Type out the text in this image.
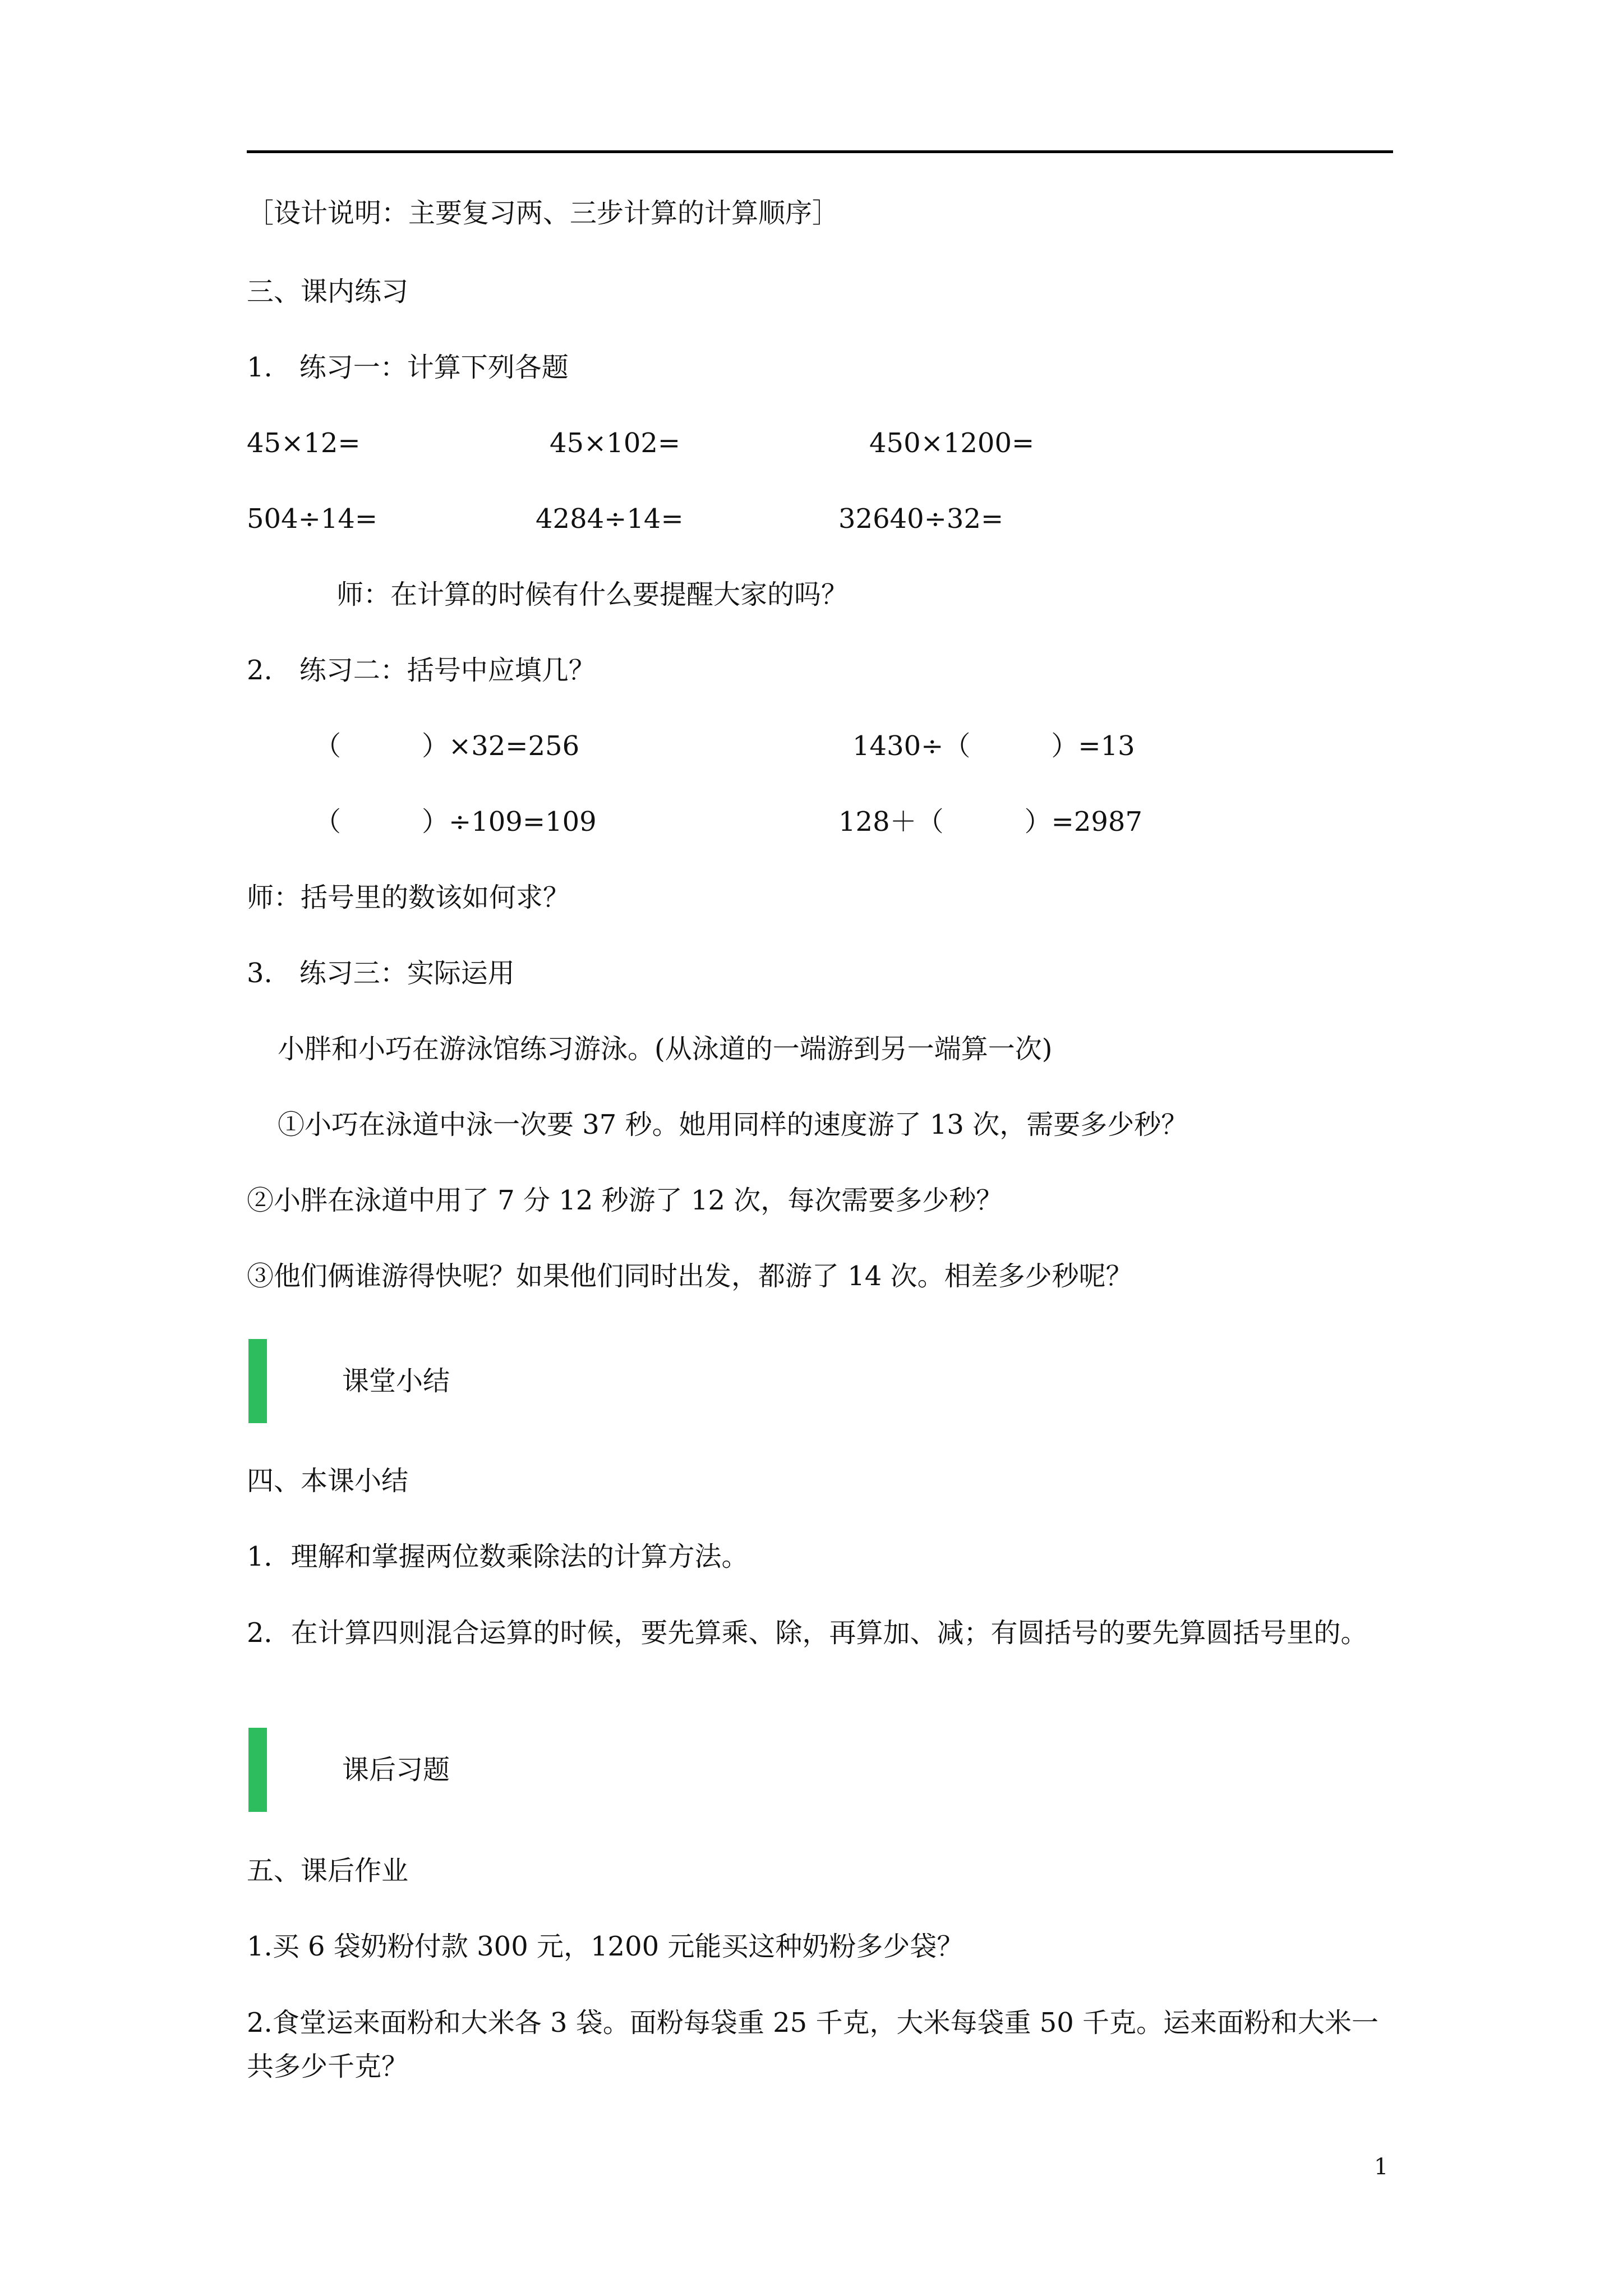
［设计说明：主要复习两、三步计算的计算顺序］
三、课内练习
1.　练习一：计算下列各题
45×12=	45×102=	450×1200=
504÷14=	4284÷14=	32640÷32=
师：在计算的时候有什么要提醒大家的吗？
2.　练习二：括号中应填几？
（　　　）×32=256	1430÷（　　　）=13
（　　　）÷109=109	128＋（　　　）=2987
师：括号里的数该如何求？
3.　练习三：实际运用
小胖和小巧在游泳馆练习游泳。(从泳道的一端游到另一端算一次)
①小巧在泳道中泳一次要 37 秒。她用同样的速度游了 13 次，需要多少秒？
②小胖在泳道中用了 7 分 12 秒游了 12 次，每次需要多少秒？
③他们俩谁游得快呢？如果他们同时出发，都游了 14 次。相差多少秒呢？
课堂小结
四、本课小结
1．理解和掌握两位数乘除法的计算方法。
2．在计算四则混合运算的时候，要先算乘、除，再算加、减；有圆括号的要先算圆括号里的。
课后习题
五、课后作业
1.买 6 袋奶粉付款 300 元，1200 元能买这种奶粉多少袋？
2.食堂运来面粉和大米各 3 袋。面粉每袋重 25 千克，大米每袋重 50 千克。运来面粉和大米一共多少千克？
1
